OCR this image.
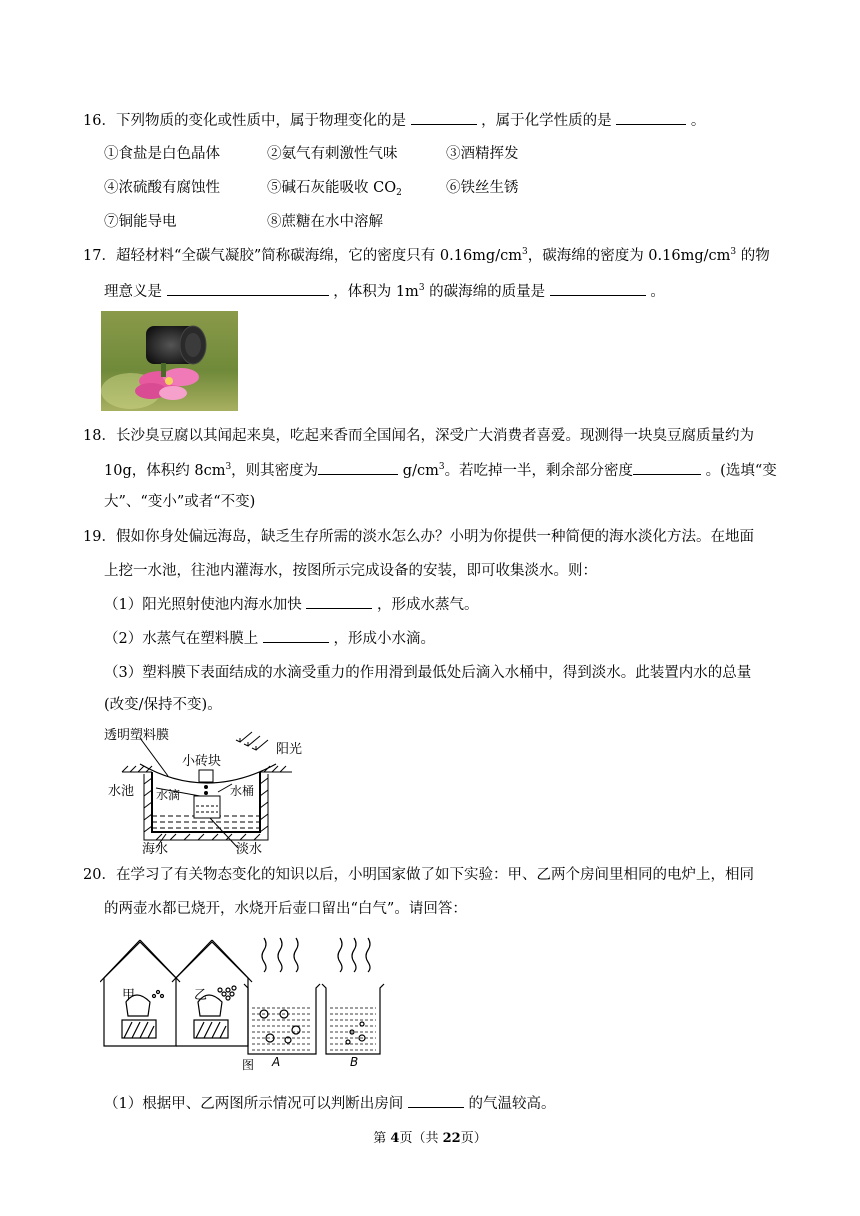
16．下列物质的变化或性质中，属于物理变化的是	，属于化学性质的是	。
①食盐是白色晶体	②氨气有刺激性气味	③酒精挥发
④浓硫酸有腐蚀性	⑤碱石灰能吸收 $CO_2$	⑥铁丝生锈
⑦铜能导电	⑧蔗糖在水中溶解
17．超轻材料“全碳气凝胶”简称碳海绵，它的密度只有 $0.16mg/cm^3$，碳海绵的密度为 $0.16mg/cm^3$ 的物
理意义是	，体积为 $1m^3$ 的碳海绵的质量是	。
18．长沙臭豆腐以其闻起来臭，吃起来香而全国闻名，深受广大消费者喜爱。现测得一块臭豆腐质量约为
10g，体积约 $8cm^3$，则其密度为	$g/cm^3$。若吃掉一半，剩余部分密度	。(选填“变
大”、“变小”或者“不变)
19．假如你身处偏远海岛，缺乏生存所需的淡水怎么办？小明为你提供一种简便的海水淡化方法。在地面
上挖一水池，往池内灌海水，按图所示完成设备的安装，即可收集淡水。则：
（1）阳光照射使池内海水加快	，形成水蒸气。
（2）水蒸气在塑料膜上	，形成小水滴。
（3）塑料膜下表面结成的水滴受重力的作用滑到最低处后滴入水桶中，得到淡水。此装置内水的总量
(改变/保持不变)。
透明塑料膜
阳光
小砖块
水池 水滴	水桶
海水	淡水
20．在学习了有关物态变化的知识以后，小明国家做了如下实验：甲、乙两个房间里相同的电炉上，相同
的两壶水都已烧开，水烧开后壶口留出“白气”。请回答：
甲	乙
图 A	B
（1）根据甲、乙两图所示情况可以判断出房间	的气温较高。
第 4页（共 22页）
